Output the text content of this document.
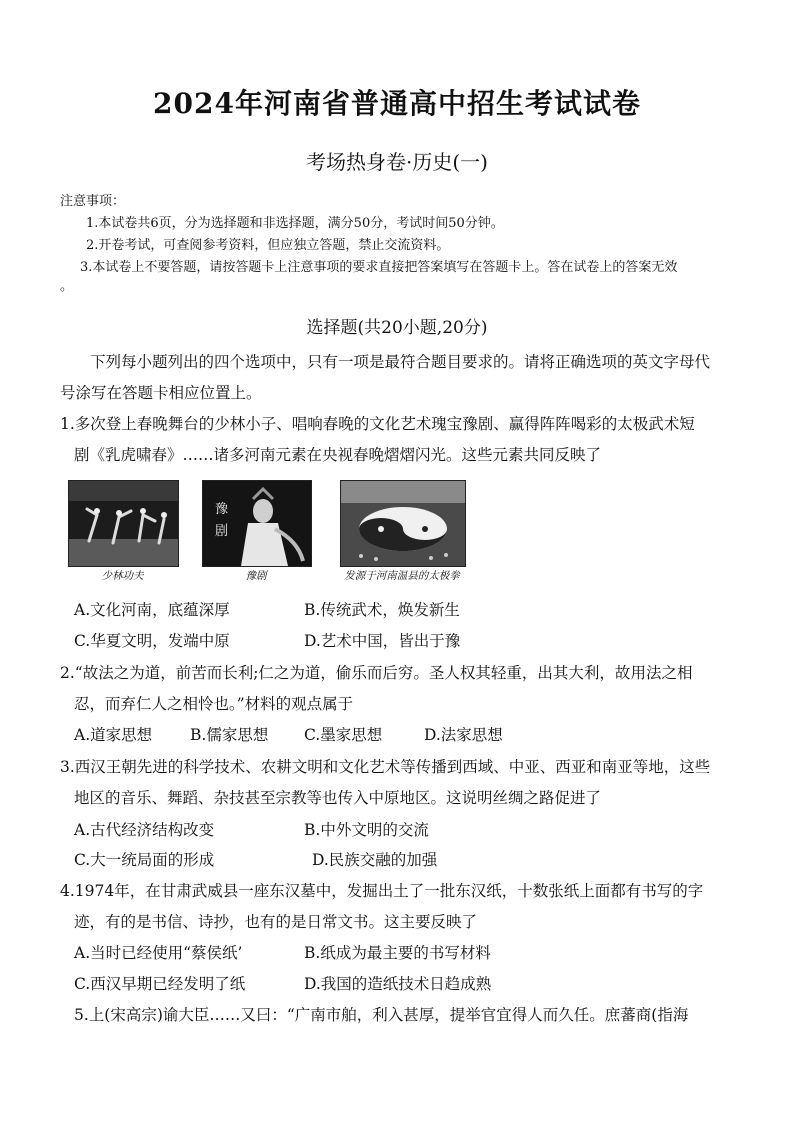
2024年河南省普通高中招生考试试卷
考场热身卷·历史(一)
注意事项：
1.本试卷共6页，分为选择题和非选择题，满分50分，考试时间50分钟。
2.开卷考试，可查阅参考资料，但应独立答题，禁止交流资料。
3.本试卷上不要答题，请按答题卡上注意事项的要求直接把答案填写在答题卡上。答在试卷上的答案无效
。
选择题(共20小题,20分)
下列每小题列出的四个选项中，只有一项是最符合题目要求的。请将正确选项的英文字母代
号涂写在答题卡相应位置上。
1.多次登上春晚舞台的少林小子、唱响春晚的文化艺术瑰宝豫剧、赢得阵阵喝彩的太极武术短
剧《乳虎啸春》……诸多河南元素在央视春晚熠熠闪光。这些元素共同反映了
少林功夫
豫 剧
豫剧	发源于河南温县的太极拳
A.文化河南，底蕴深厚	B.传统武术，焕发新生
C.华夏文明，发端中原	D.艺术中国，皆出于豫
2.“故法之为道，前苦而长利;仁之为道，偷乐而后穷。圣人权其轻重，出其大利，故用法之相
忍，而弃仁人之相怜也。”材料的观点属于
A.道家思想 B.儒家思想 C.墨家思想	D.法家思想
3.西汉王朝先进的科学技术、农耕文明和文化艺术等传播到西域、中亚、西亚和南亚等地，这些
地区的音乐、舞蹈、杂技甚至宗教等也传入中原地区。这说明丝绸之路促进了
A.古代经济结构改变	B.中外文明的交流
C.大一统局面的形成	D.民族交融的加强
4.1974年，在甘肃武威县一座东汉墓中，发掘出土了一批东汉纸，十数张纸上面都有书写的字
迹，有的是书信、诗抄，也有的是日常文书。这主要反映了
A.当时已经使用“蔡侯纸’	B.纸成为最主要的书写材料
C.西汉早期已经发明了纸	D.我国的造纸技术日趋成熟
5.上(宋高宗)谕大臣……又曰：“广南市舶，利入甚厚，提举官宜得人而久任。庶蕃商(指海
